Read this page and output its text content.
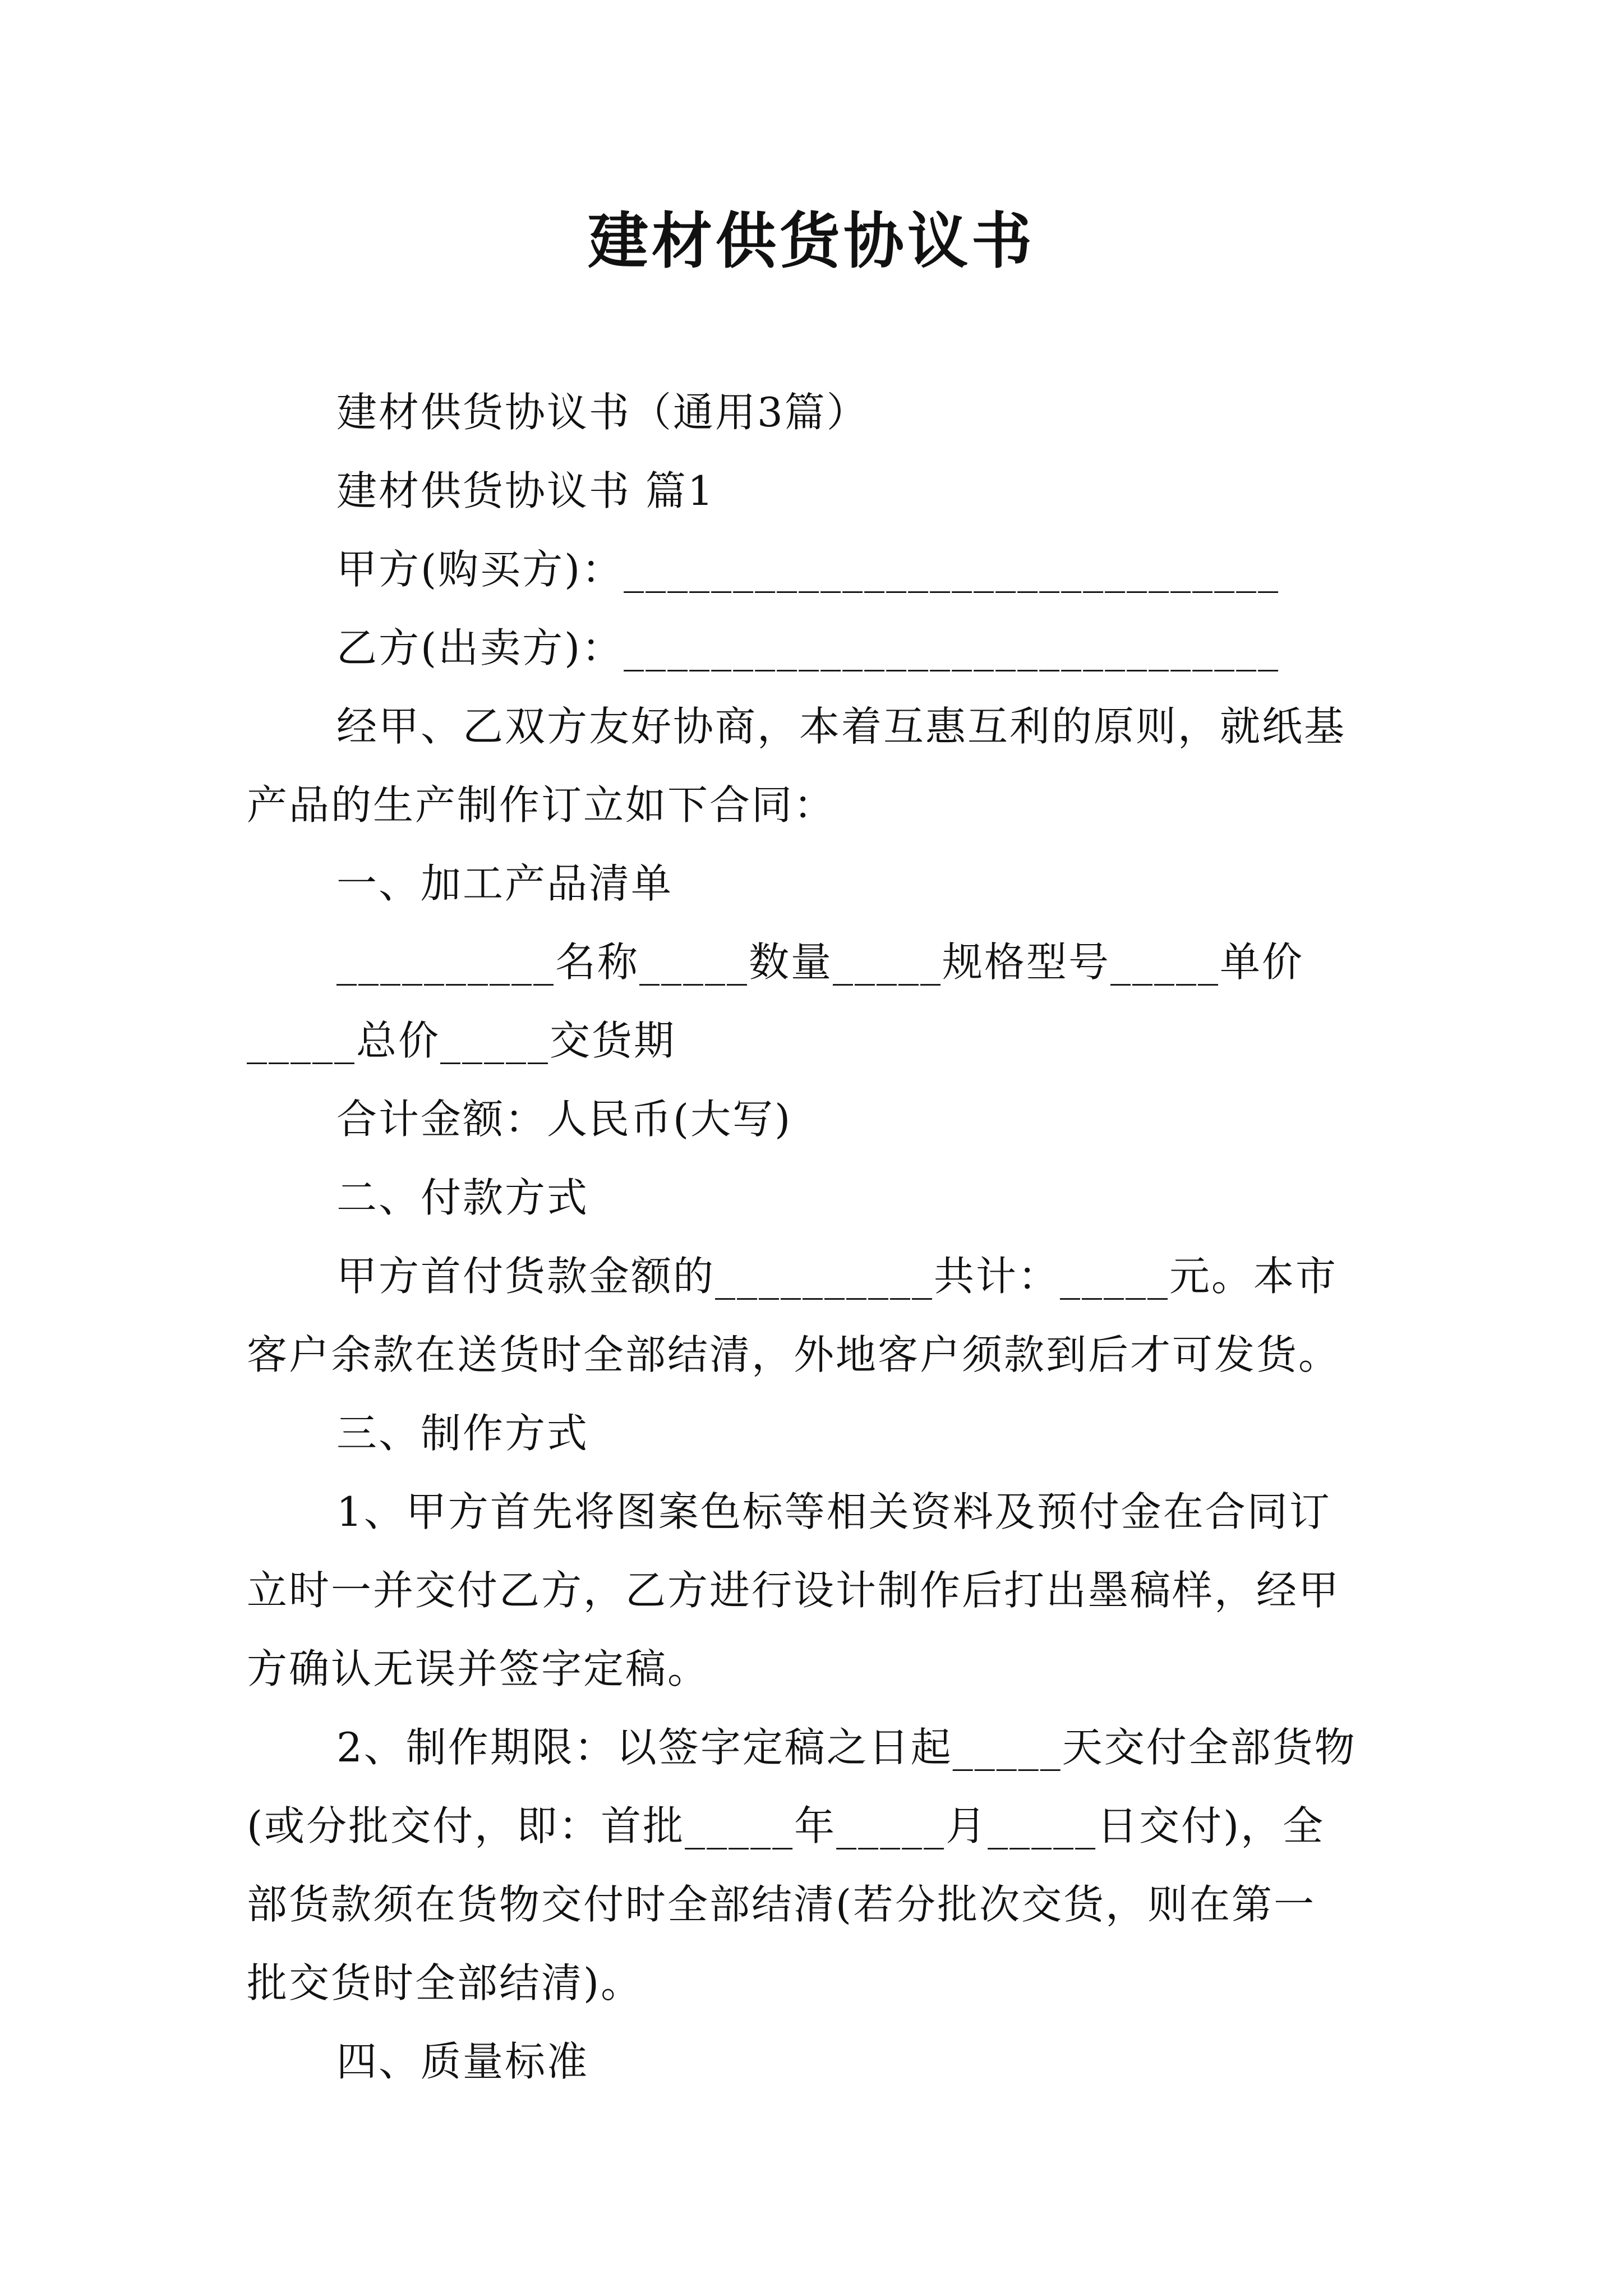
建材供货协议书
建材供货协议书（通用3篇）
建材供货协议书 篇1
甲方(购买方)：______________________________
乙方(出卖方)：______________________________
经甲、乙双方友好协商，本着互惠互利的原则，就纸基
产品的生产制作订立如下合同：
一、加工产品清单
__________名称_____数量_____规格型号_____单价
_____总价_____交货期
合计金额：人民币(大写)
二、付款方式
甲方首付货款金额的__________共计：_____元。本市
客户余款在送货时全部结清，外地客户须款到后才可发货。
三、制作方式
1、甲方首先将图案色标等相关资料及预付金在合同订
立时一并交付乙方，乙方进行设计制作后打出墨稿样，经甲
方确认无误并签字定稿。
2、制作期限：以签字定稿之日起_____天交付全部货物
(或分批交付，即：首批_____年_____月_____日交付)，全
部货款须在货物交付时全部结清(若分批次交货，则在第一
批交货时全部结清)。
四、质量标准
